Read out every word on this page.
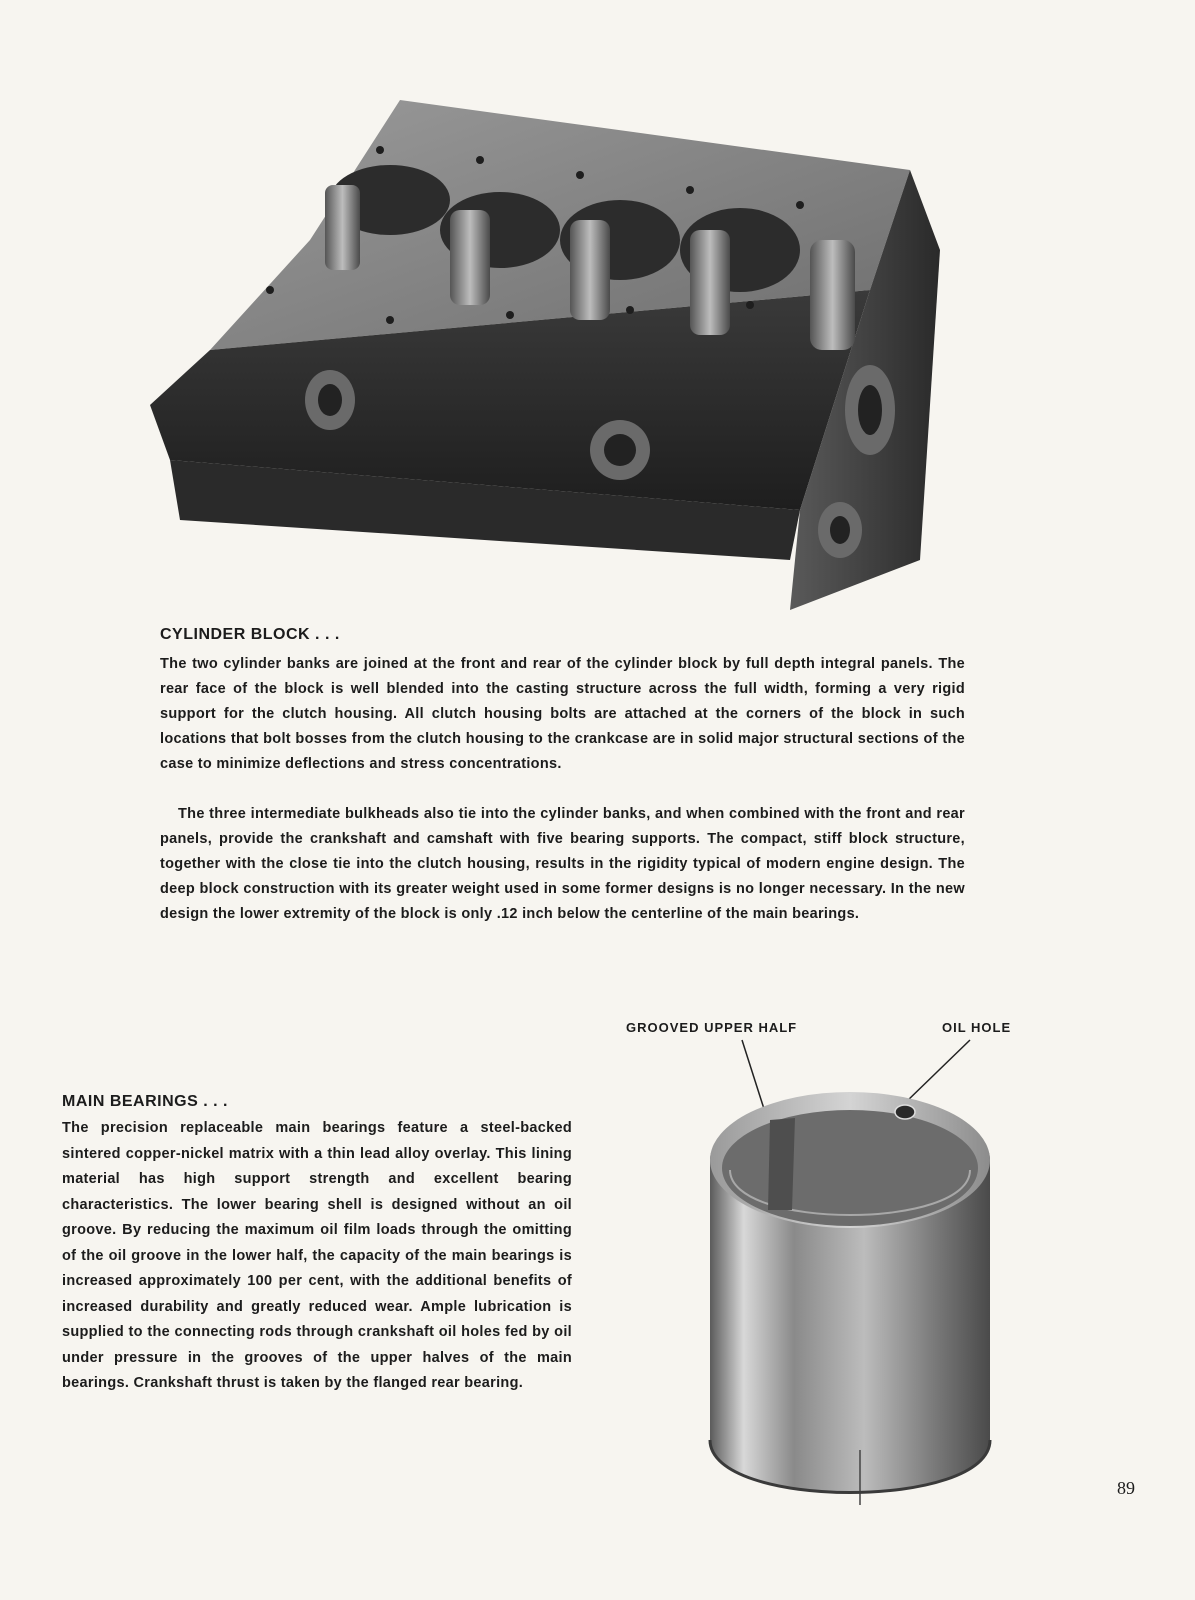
CYLINDER BLOCK . . .

The two cylinder banks are joined at the front and rear of the cylinder block by full depth integral panels. The rear face of the block is well blended into the casting structure across the full width, forming a very rigid support for the clutch housing. All clutch housing bolts are attached at the corners of the block in such locations that bolt bosses from the clutch housing to the crankcase are in solid major structural sections of the case to minimize deflections and stress concentrations.

The three intermediate bulkheads also tie into the cylinder banks, and when combined with the front and rear panels, provide the crankshaft and camshaft with five bearing supports. The compact, stiff block structure, together with the close tie into the clutch housing, results in the rigidity typical of modern engine design. The deep block construction with its greater weight used in some former designs is no longer necessary. In the new design the lower extremity of the block is only .12 inch below the centerline of the main bearings.

MAIN BEARINGS . . .

The precision replaceable main bearings feature a steel-backed sintered copper-nickel matrix with a thin lead alloy overlay. This lining material has high support strength and excellent bearing characteristics. The lower bearing shell is designed without an oil groove. By reducing the maximum oil film loads through the omitting of the oil groove in the lower half, the capacity of the main bearings is increased approximately 100 per cent, with the additional benefits of increased durability and greatly reduced wear. Ample lubrication is supplied to the connecting rods through crankshaft oil holes fed by oil under pressure in the grooves of the upper halves of the main bearings. Crankshaft thrust is taken by the flanged rear bearing.

GROOVED UPPER HALF	OIL HOLE
89
